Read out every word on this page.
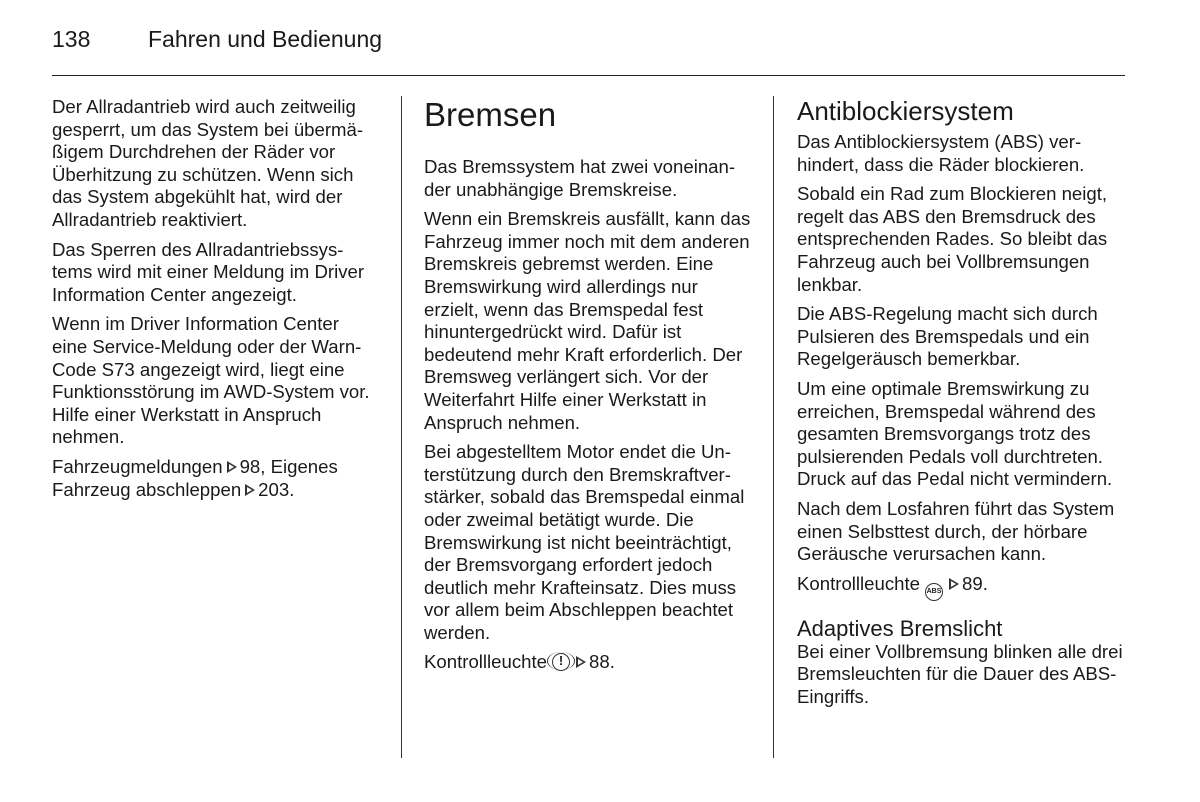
138	Fahren und Bedienung

Der Allradantrieb wird auch zeitweilig gesperrt, um das System bei übermäßigem Durchdrehen der Räder vor Überhitzung zu schützen. Wenn sich das System abgekühlt hat, wird der Allradantrieb reaktiviert.

Das Sperren des Allradantriebssystems wird mit einer Meldung im Driver Information Center angezeigt.

Wenn im Driver Information Center eine Service-Meldung oder der Warn-Code S73 angezeigt wird, liegt eine Funktionsstörung im AWD-System vor. Hilfe einer Werkstatt in Anspruch nehmen.

Fahrzeugmeldungen 98, Eigenes Fahrzeug abschleppen 203.

Bremsen

Das Bremssystem hat zwei voneinander unabhängige Bremskreise.

Wenn ein Bremskreis ausfällt, kann das Fahrzeug immer noch mit dem anderen Bremskreis gebremst werden. Eine Bremswirkung wird allerdings nur erzielt, wenn das Bremspedal fest hinuntergedrückt wird. Dafür ist bedeutend mehr Kraft erforderlich. Der Bremsweg verlängert sich. Vor der Weiterfahrt Hilfe einer Werkstatt in Anspruch nehmen.

Bei abgestelltem Motor endet die Unterstützung durch den Bremskraftverstärker, sobald das Bremspedal einmal oder zweimal betätigt wurde. Die Bremswirkung ist nicht beeinträchtigt, der Bremsvorgang erfordert jedoch deutlich mehr Krafteinsatz. Dies muss vor allem beim Abschleppen beachtet werden.

Kontrollleuchte! 88.

Antiblockiersystem

Das Antiblockiersystem (ABS) verhindert, dass die Räder blockieren.

Sobald ein Rad zum Blockieren neigt, regelt das ABS den Bremsdruck des entsprechenden Rades. So bleibt das Fahrzeug auch bei Vollbremsungen lenkbar.

Die ABS-Regelung macht sich durch Pulsieren des Bremspedals und ein Regelgeräusch bemerkbar.

Um eine optimale Bremswirkung zu erreichen, Bremspedal während des gesamten Bremsvorgangs trotz des pulsierenden Pedals voll durchtreten. Druck auf das Pedal nicht vermindern.

Nach dem Losfahren führt das System einen Selbsttest durch, der hörbare Geräusche verursachen kann.

Kontrollleuchte ABS 89.

Adaptives Bremslicht

Bei einer Vollbremsung blinken alle drei Bremsleuchten für die Dauer des ABS-Eingriffs.
